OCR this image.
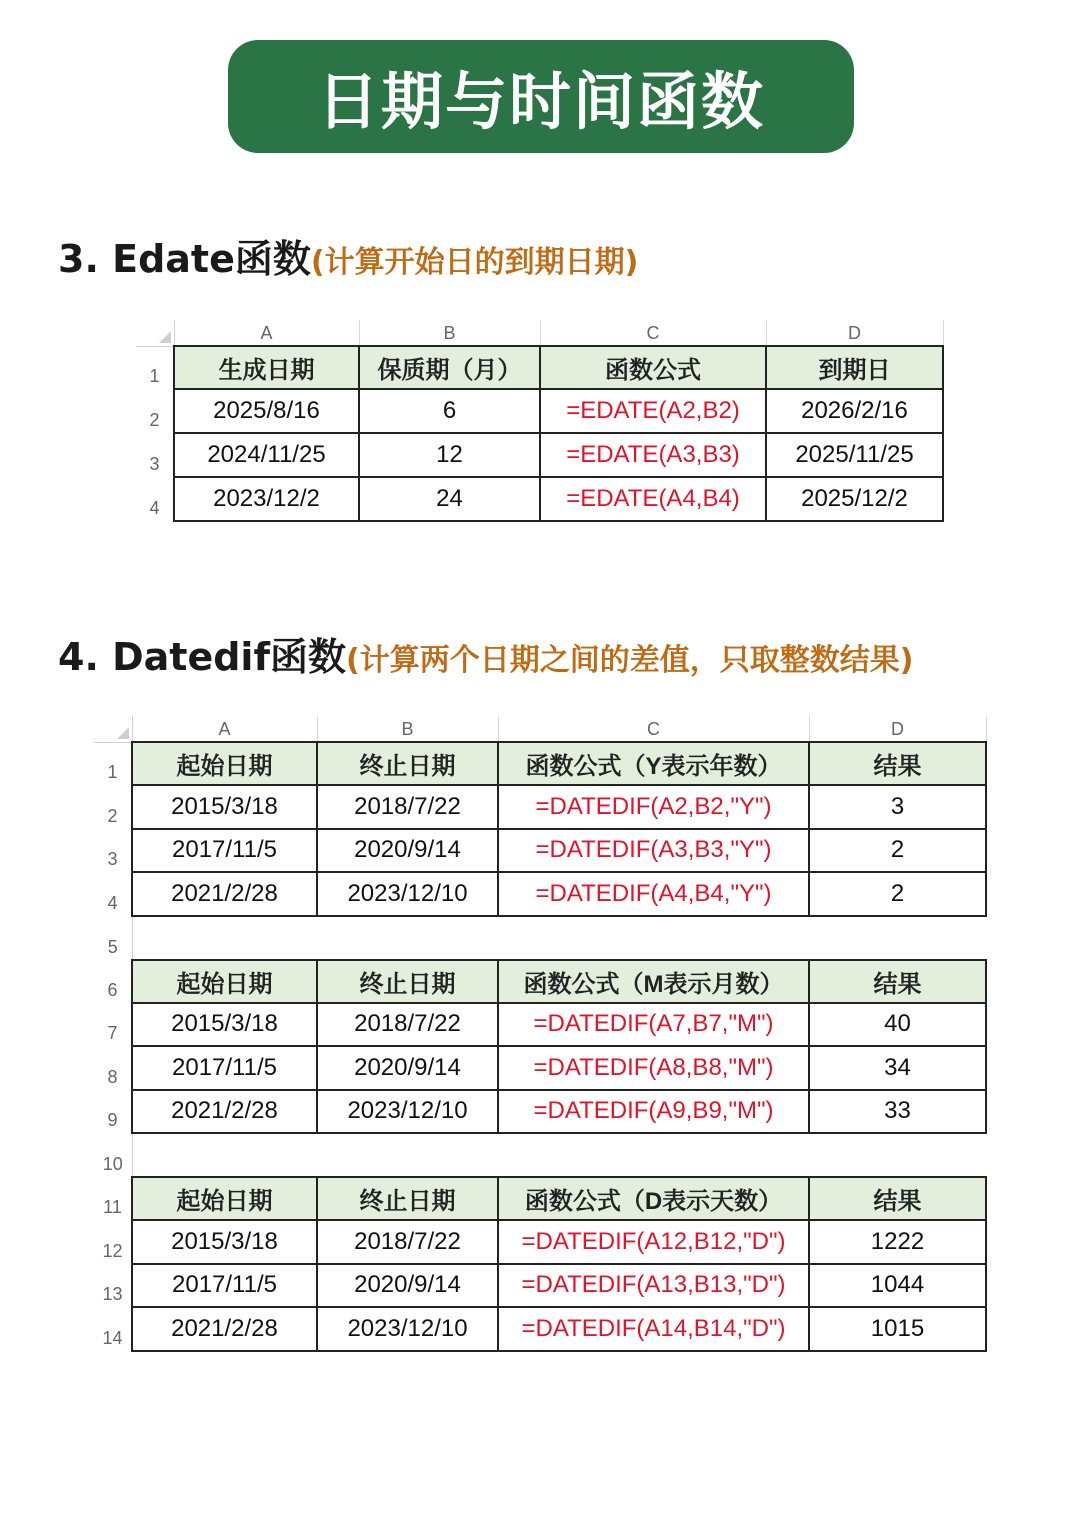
日期与时间函数
3. Edate函数 (计算开始日的到期日期)
	A	B	C	D
1	生成日期	保质期（月）	函数公式	到期日
2	2025/8/16	6	=EDATE(A2,B2)	2026/2/16
3	2024/11/25	12	=EDATE(A3,B3)	2025/11/25
4	2023/12/2	24	=EDATE(A4,B4)	2025/12/2
4. Datedif函数 (计算两个日期之间的差值，只取整数结果)
	A	B	C	D
1	起始日期	终止日期	函数公式（Y表示年数）	结果
2	2015/3/18	2018/7/22	=DATEDIF(A2,B2,"Y")	3
3	2017/11/5	2020/9/14	=DATEDIF(A3,B3,"Y")	2
4	2021/2/28	2023/12/10	=DATEDIF(A4,B4,"Y")	2
5				
6	起始日期	终止日期	函数公式（M表示月数）	结果
7	2015/3/18	2018/7/22	=DATEDIF(A7,B7,"M")	40
8	2017/11/5	2020/9/14	=DATEDIF(A8,B8,"M")	34
9	2021/2/28	2023/12/10	=DATEDIF(A9,B9,"M")	33
10				
11	起始日期	终止日期	函数公式（D表示天数）	结果
12	2015/3/18	2018/7/22	=DATEDIF(A12,B12,"D")	1222
13	2017/11/5	2020/9/14	=DATEDIF(A13,B13,"D")	1044
14	2021/2/28	2023/12/10	=DATEDIF(A14,B14,"D")	1015
